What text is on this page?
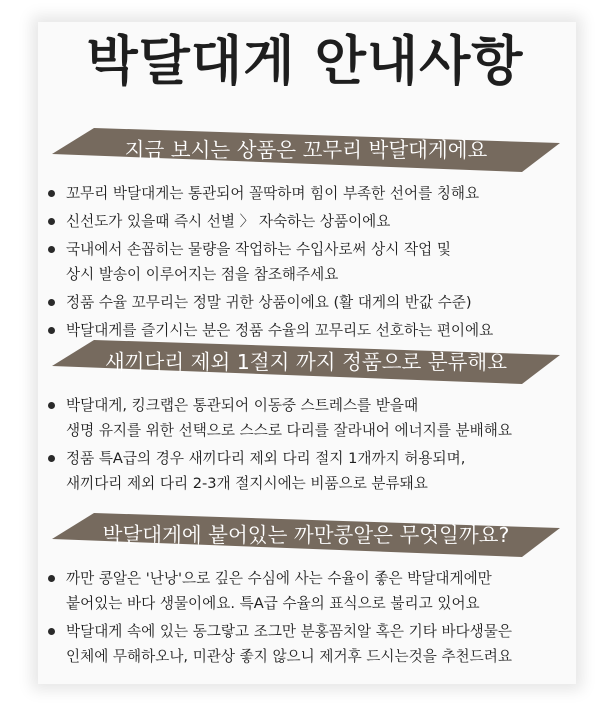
박달대게 안내사항
지금 보시는 상품은 꼬무리 박달대게에요
꼬무리 박달대게는 통관되어 꼴딱하며 힘이 부족한 선어를 칭해요
신선도가 있을때 즉시 선별 〉 자숙하는 상품이에요
국내에서 손꼽히는 물량을 작업하는 수입사로써 상시 작업 및
상시 발송이 이루어지는 점을 참조해주세요
정품 수율 꼬무리는 정말 귀한 상품이에요 (활 대게의 반값 수준)
박달대게를 즐기시는 분은 정품 수율의 꼬무리도 선호하는 편이에요
새끼다리 제외 1절지 까지 정품으로 분류해요
박달대게, 킹크랩은 통관되어 이동중 스트레스를 받을때
생명 유지를 위한 선택으로 스스로 다리를 잘라내어 에너지를 분배해요
정품 특A급의 경우 새끼다리 제외 다리 절지 1개까지 허용되며,
새끼다리 제외 다리 2-3개 절지시에는 비품으로 분류돼요
박달대게에 붙어있는 까만콩알은 무엇일까요?
까만 콩알은 '난낭'으로 깊은 수심에 사는 수율이 좋은 박달대게에만
붙어있는 바다 생물이에요. 특A급 수율의 표식으로 불리고 있어요
박달대게 속에 있는 동그랗고 조그만 분홍꼼치알 혹은 기타 바다생물은
인체에 무해하오나, 미관상 좋지 않으니 제거후 드시는것을 추천드려요
